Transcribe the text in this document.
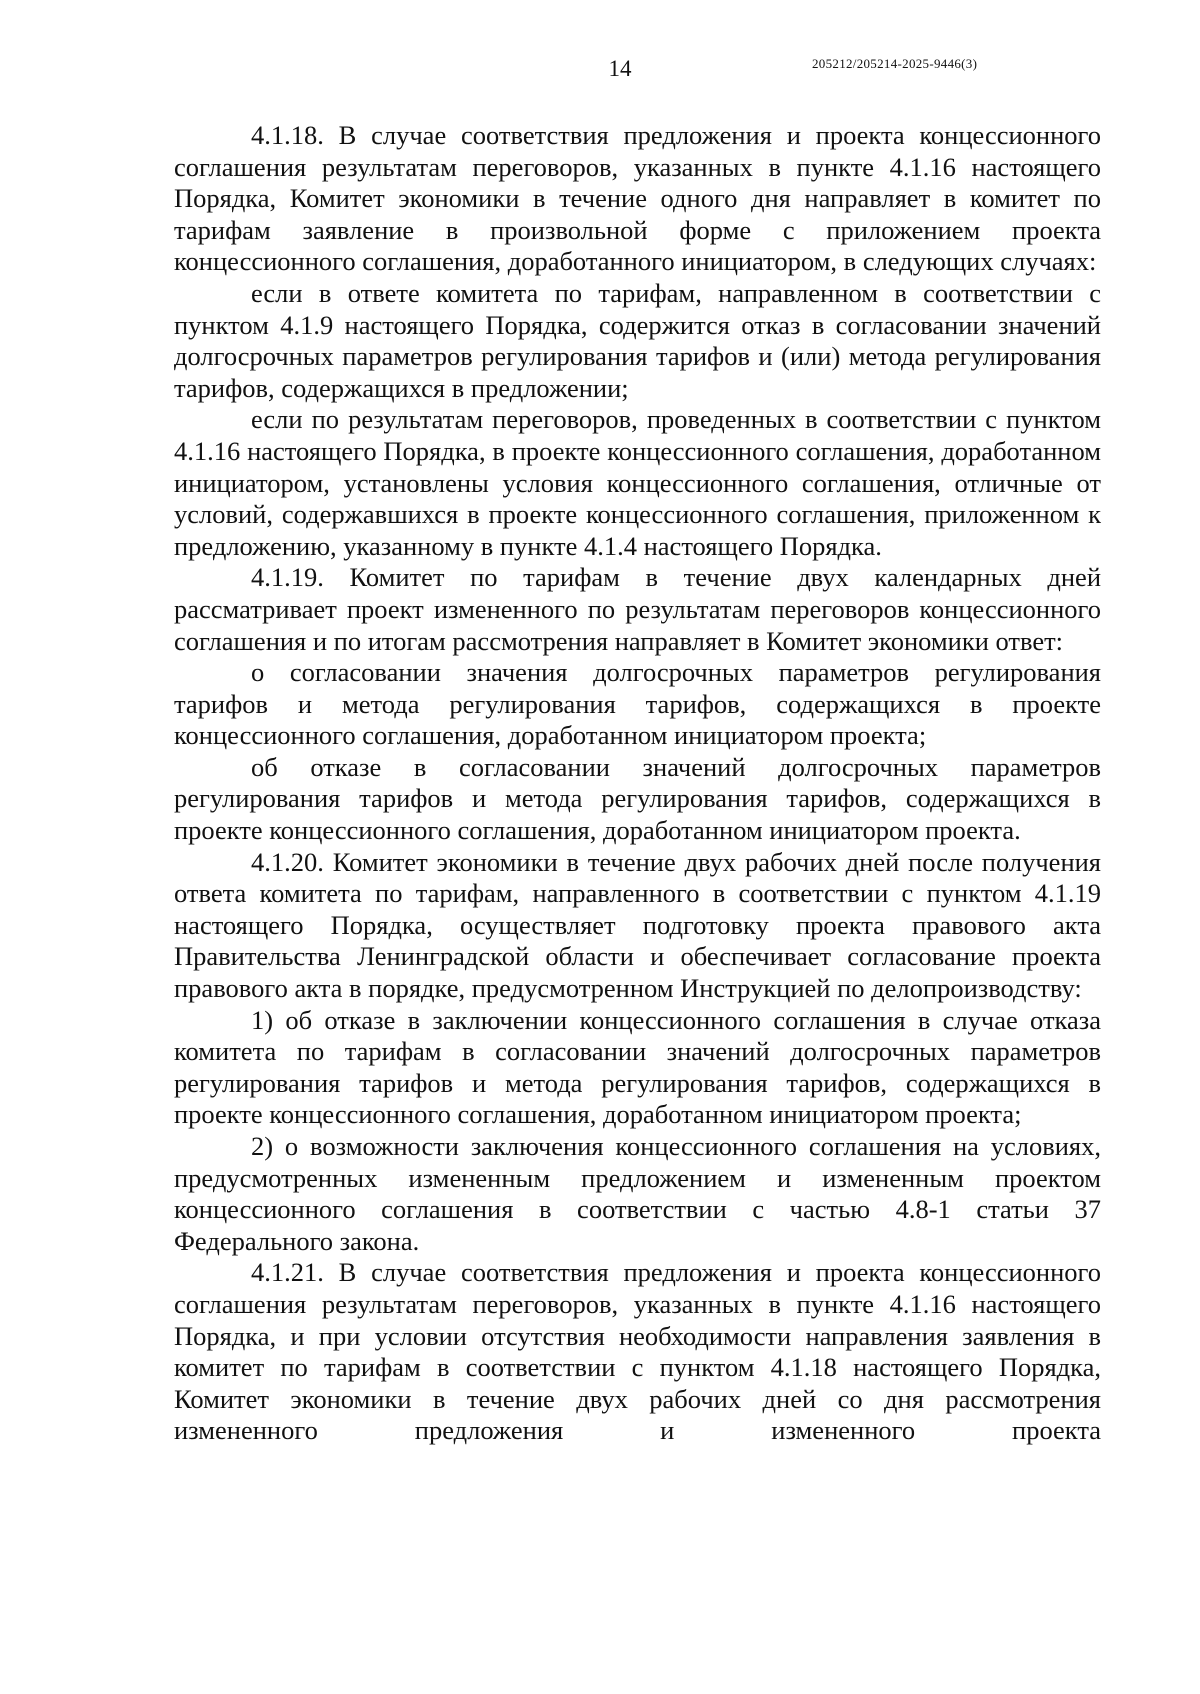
14	205212/205214-2025-9446(3)

4.1.18. В случае соответствия предложения и проекта концессионного соглашения результатам переговоров, указанных в пункте 4.1.16 настоящего Порядка, Комитет экономики в течение одного дня направляет в комитет по тарифам заявление в произвольной форме с приложением проекта концессионного соглашения, доработанного инициатором, в следующих случаях:

если в ответе комитета по тарифам, направленном в соответствии с пунктом 4.1.9 настоящего Порядка, содержится отказ в согласовании значений долгосрочных параметров регулирования тарифов и (или) метода регулирования тарифов, содержащихся в предложении;

если по результатам переговоров, проведенных в соответствии с пунктом 4.1.16 настоящего Порядка, в проекте концессионного соглашения, доработанном инициатором, установлены условия концессионного соглашения, отличные от условий, содержавшихся в проекте концессионного соглашения, приложенном к предложению, указанному в пункте 4.1.4 настоящего Порядка.

4.1.19. Комитет по тарифам в течение двух календарных дней рассматривает проект измененного по результатам переговоров концессионного соглашения и по итогам рассмотрения направляет в Комитет экономики ответ:

о согласовании значения долгосрочных параметров регулирования тарифов и метода регулирования тарифов, содержащихся в проекте концессионного соглашения, доработанном инициатором проекта;

об отказе в согласовании значений долгосрочных параметров регулирования тарифов и метода регулирования тарифов, содержащихся в проекте концессионного соглашения, доработанном инициатором проекта.

4.1.20. Комитет экономики в течение двух рабочих дней после получения ответа комитета по тарифам, направленного в соответствии с пунктом 4.1.19 настоящего Порядка, осуществляет подготовку проекта правового акта Правительства Ленинградской области и обеспечивает согласование проекта правового акта в порядке, предусмотренном Инструкцией по делопроизводству:

1) об отказе в заключении концессионного соглашения в случае отказа комитета по тарифам в согласовании значений долгосрочных параметров регулирования тарифов и метода регулирования тарифов, содержащихся в проекте концессионного соглашения, доработанном инициатором проекта;

2) о возможности заключения концессионного соглашения на условиях, предусмотренных измененным предложением и измененным проектом концессионного соглашения в соответствии с частью 4.8-1 статьи 37 Федерального закона.

4.1.21. В случае соответствия предложения и проекта концессионного соглашения результатам переговоров, указанных в пункте 4.1.16 настоящего Порядка, и при условии отсутствия необходимости направления заявления в комитет по тарифам в соответствии с пунктом 4.1.18 настоящего Порядка, Комитет экономики в течение двух рабочих дней со дня рассмотрения измененного предложения и измененного проекта
